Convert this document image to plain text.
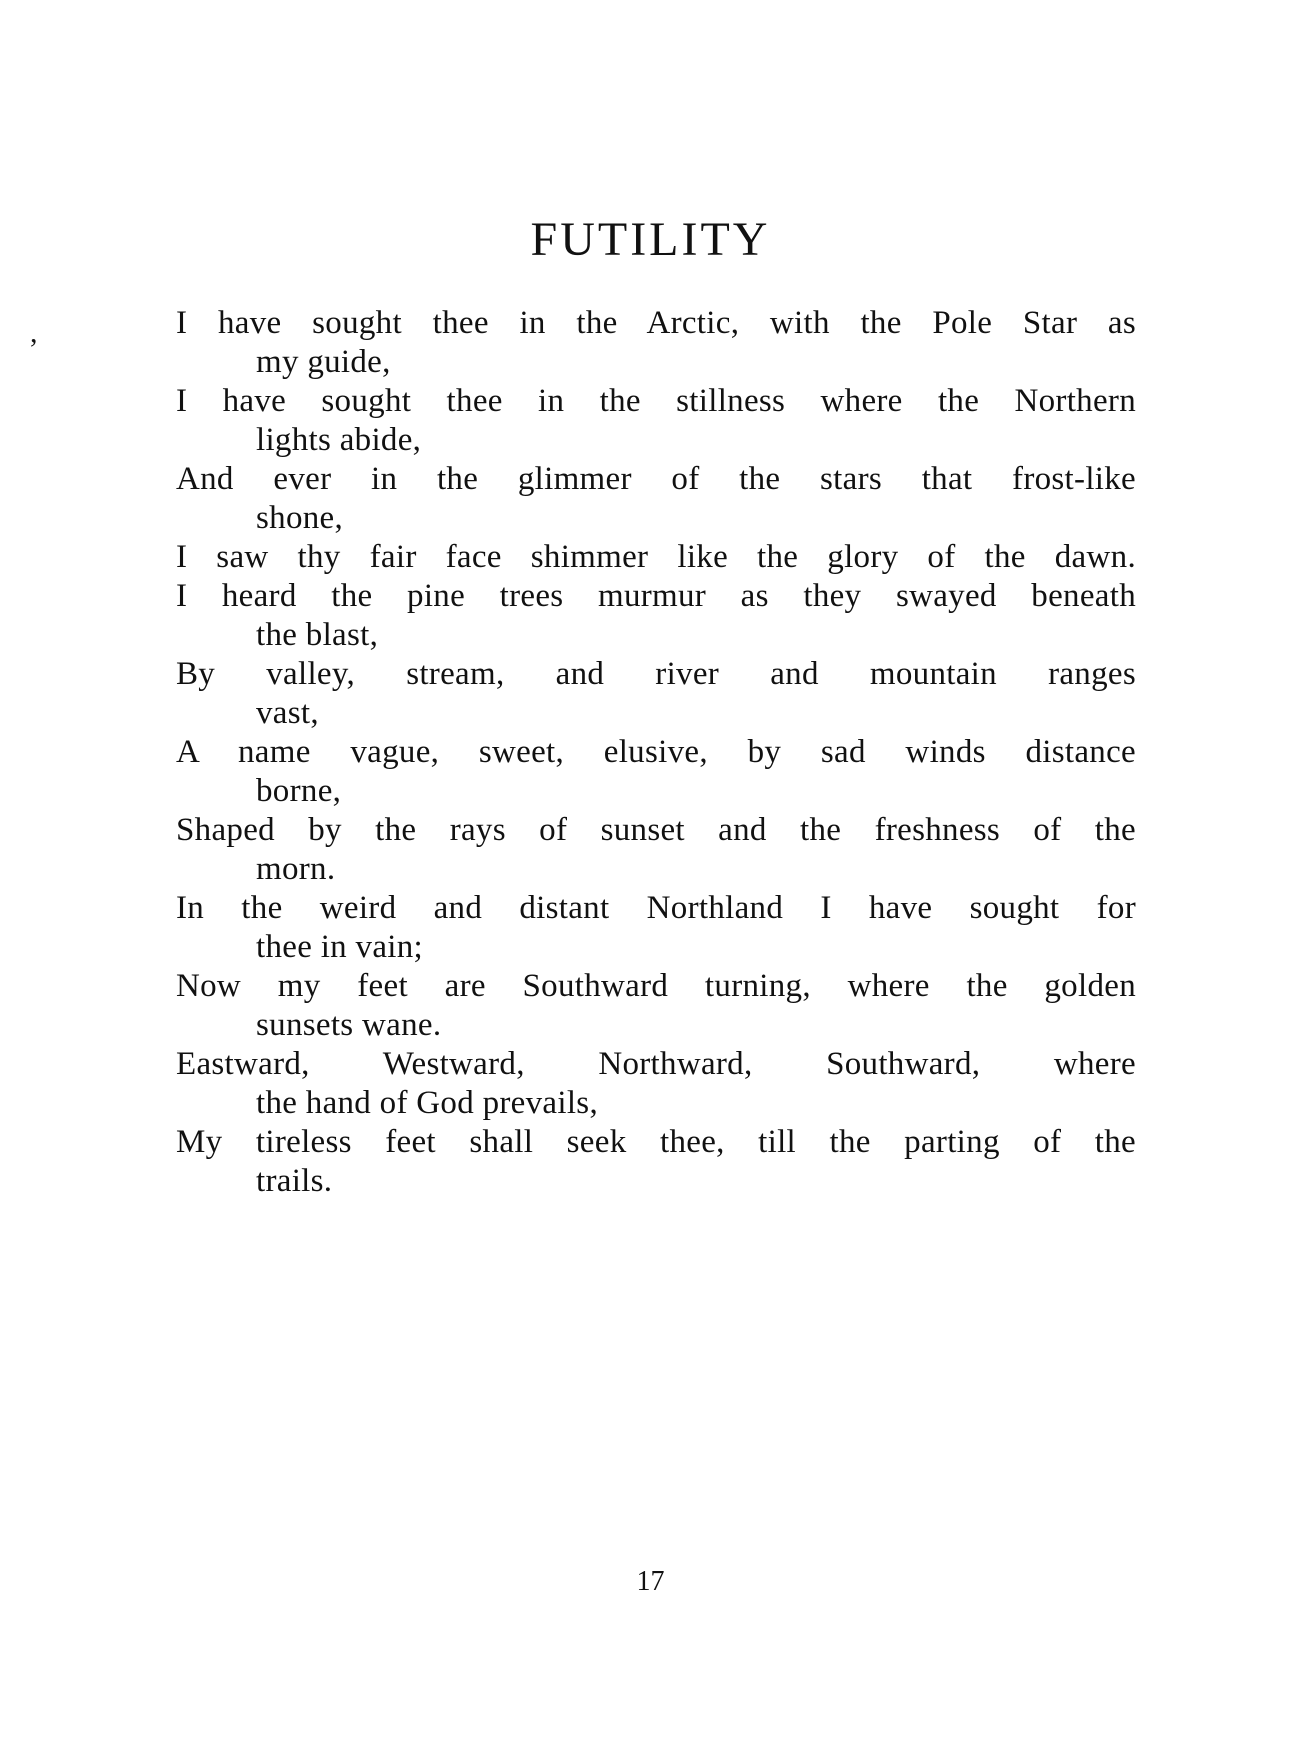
,
FUTILITY
I have sought thee in the Arctic, with the Pole Star as
my guide,
I have sought thee in the stillness where the Northern
lights abide,
And ever in the glimmer of the stars that frost-like
shone,
I saw thy fair face shimmer like the glory of the dawn.
I heard the pine trees murmur as they swayed beneath
the blast,
By valley, stream, and river and mountain ranges
vast,
A name vague, sweet, elusive, by sad winds distance
borne,
Shaped by the rays of sunset and the freshness of the
morn.
In the weird and distant Northland I have sought for
thee in vain;
Now my feet are Southward turning, where the golden
sunsets wane.
Eastward, Westward, Northward, Southward, where
the hand of God prevails,
My tireless feet shall seek thee, till the parting of the
trails.
17
